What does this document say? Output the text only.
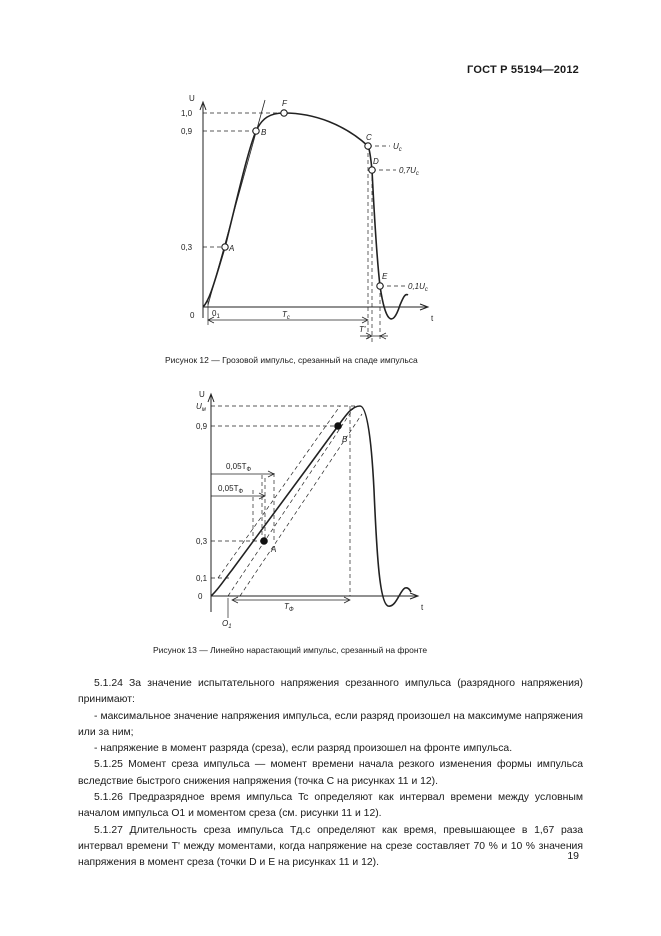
ГОСТ Р 55194—2012
U
t
0
1,0
0,9
0,3	A
B
F
C
D
E
$U_c$
$0,7U_c$
$0,1U_c$
$0_1$	$T_c$
T'
Рисунок 12 — Грозовой импульс, срезанный на спаде импульса
U
t
0
$U_м$
0,9
0,3
0,1
A
B
$0,05T_Ф$
$0,05T_Ф$
$T_Ф$
$O_1$
Рисунок 13 — Линейно нарастающий импульс, срезанный на фронте

5.1.24 За значение испытательного напряжения срезанного импульса (разрядного напряжения) принимают:

- максимальное значение напряжения импульса, если разряд произошел на максимуме напряжения или за ним;

- напряжение в момент разряда (среза), если разряд произошел на фронте импульса.

5.1.25 Момент среза импульса — момент времени начала резкого изменения формы импульса вследствие быстрого снижения напряжения (точка C на рисунках 11 и 12).

5.1.26 Предразрядное время импульса Tc определяют как интервал времени между условным началом импульса O1 и моментом среза (см. рисунки 11 и 12).

5.1.27 Длительность среза импульса Tд.с определяют как время, превышающее в 1,67 раза интервал времени T' между моментами, когда напряжение на срезе составляет 70 % и 10 % значения напряжения в момент среза (точки D и E на рисунках 11 и 12).

19
